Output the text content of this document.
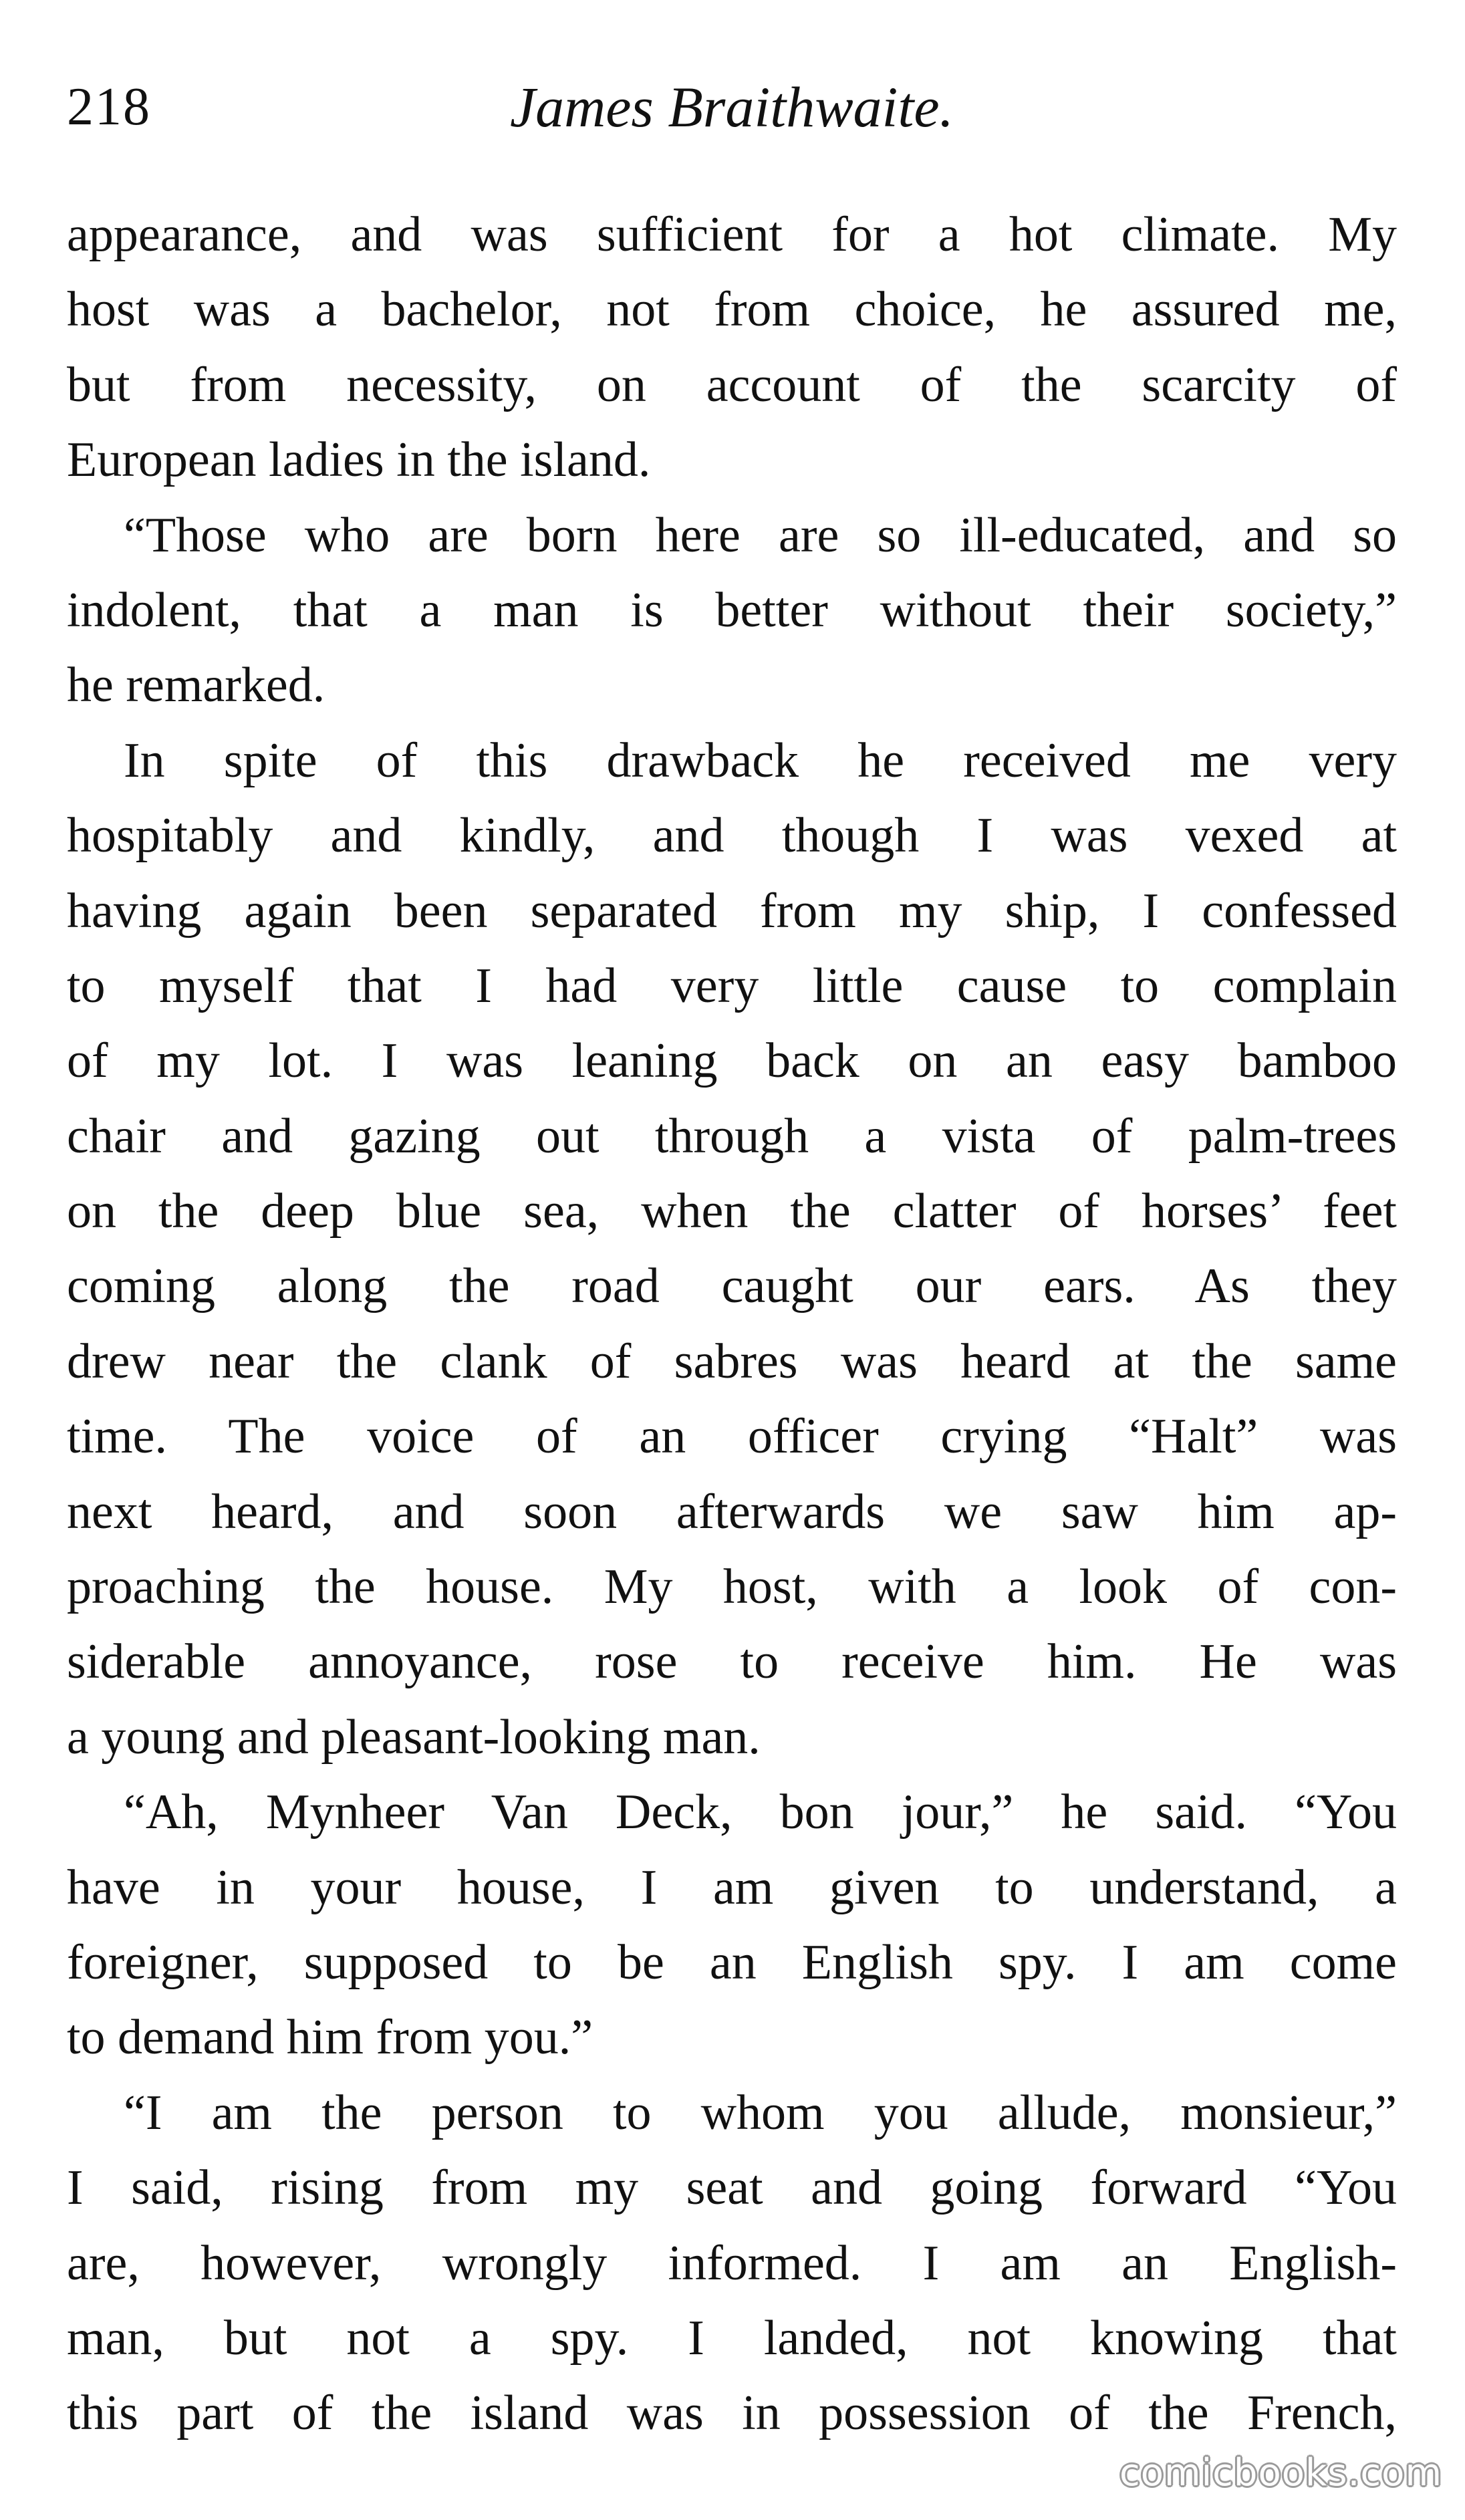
218	James Braithwaite.
appearance, and was sufficient for a hot climate. My
host was a bachelor, not from choice, he assured me,
but from necessity, on account of the scarcity of
European ladies in the island.
“Those who are born here are so ill-educated, and so
indolent, that a man is better without their society,”
he remarked.
In spite of this drawback he received me very
hospitably and kindly, and though I was vexed at
having again been separated from my ship, I confessed
to myself that I had very little cause to complain
of my lot. I was leaning back on an easy bamboo
chair and gazing out through a vista of palm-trees
on the deep blue sea, when the clatter of horses’ feet
coming along the road caught our ears. As they
drew near the clank of sabres was heard at the same
time. The voice of an officer crying “Halt” was
next heard, and soon afterwards we saw him ap-
proaching the house. My host, with a look of con-
siderable annoyance, rose to receive him. He was
a young and pleasant-looking man.
“Ah, Mynheer Van Deck, bon jour,” he said. “You
have in your house, I am given to understand, a
foreigner, supposed to be an English spy. I am come
to demand him from you.”
“I am the person to whom you allude, monsieur,”
I said, rising from my seat and going forward “You
are, however, wrongly informed. I am an English-
man, but not a spy. I landed, not knowing that
this part of the island was in possession of the French,
comicbooks.com
